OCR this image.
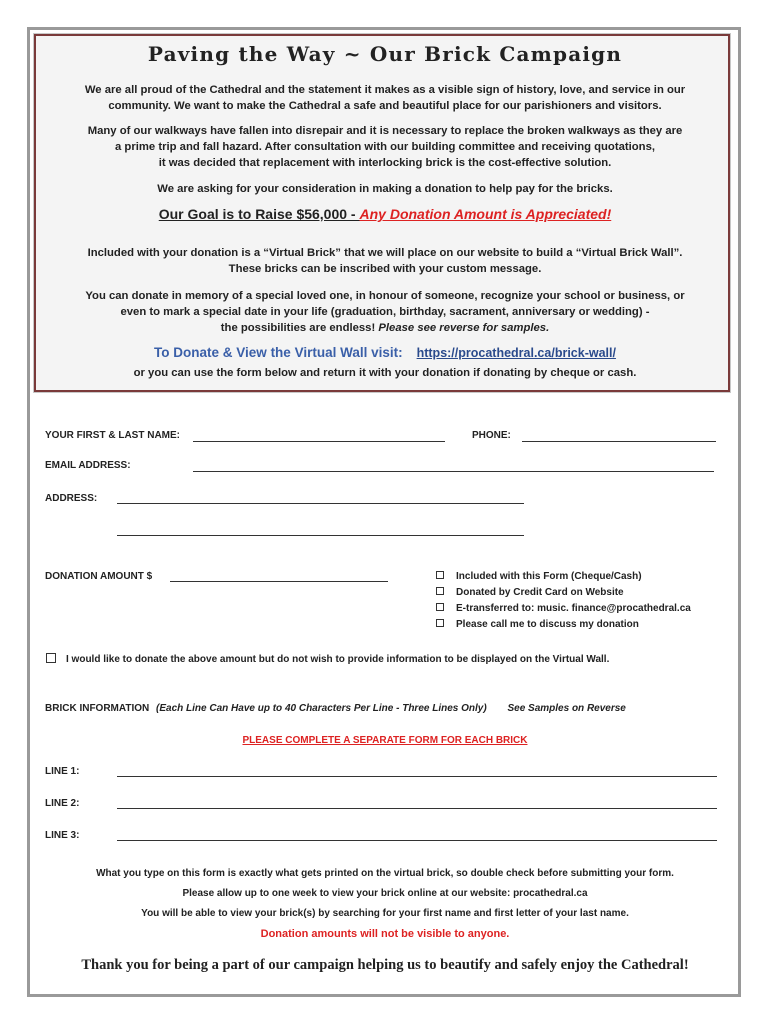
Paving the Way ~ Our Brick Campaign
We are all proud of the Cathedral and the statement it makes as a visible sign of history, love, and service in our
community. We want to make the Cathedral a safe and beautiful place for our parishioners and visitors.
Many of our walkways have fallen into disrepair and it is necessary to replace the broken walkways as they are
a prime trip and fall hazard. After consultation with our building committee and receiving quotations,
it was decided that replacement with interlocking brick is the cost-effective solution.
We are asking for your consideration in making a donation to help pay for the bricks.
Our Goal is to Raise $56,000 - Any Donation Amount is Appreciated!
Included with your donation is a “Virtual Brick” that we will place on our website to build a “Virtual Brick Wall”.
These bricks can be inscribed with your custom message.
You can donate in memory of a special loved one, in honour of someone, recognize your school or business, or
even to mark a special date in your life (graduation, birthday, sacrament, anniversary or wedding) -
the possibilities are endless! Please see reverse for samples.
To Donate & View the Virtual Wall visit: https://procathedral.ca/brick-wall/
or you can use the form below and return it with your donation if donating by cheque or cash.
YOUR FIRST & LAST NAME:	PHONE:
EMAIL ADDRESS:
ADDRESS:
DONATION AMOUNT $	Included with this Form (Cheque/Cash)
Donated by Credit Card on Website
E-transferred to: music. finance@procathedral.ca
Please call me to discuss my donation
I would like to donate the above amount but do not wish to provide information to be displayed on the Virtual Wall.
BRICK INFORMATION (Each Line Can Have up to 40 Characters Per Line - Three Lines Only) See Samples on Reverse
PLEASE COMPLETE A SEPARATE FORM FOR EACH BRICK
LINE 1:
LINE 2:
LINE 3:
What you type on this form is exactly what gets printed on the virtual brick, so double check before submitting your form.
Please allow up to one week to view your brick online at our website: procathedral.ca
You will be able to view your brick(s) by searching for your first name and first letter of your last name.
Donation amounts will not be visible to anyone.
Thank you for being a part of our campaign helping us to beautify and safely enjoy the Cathedral!
